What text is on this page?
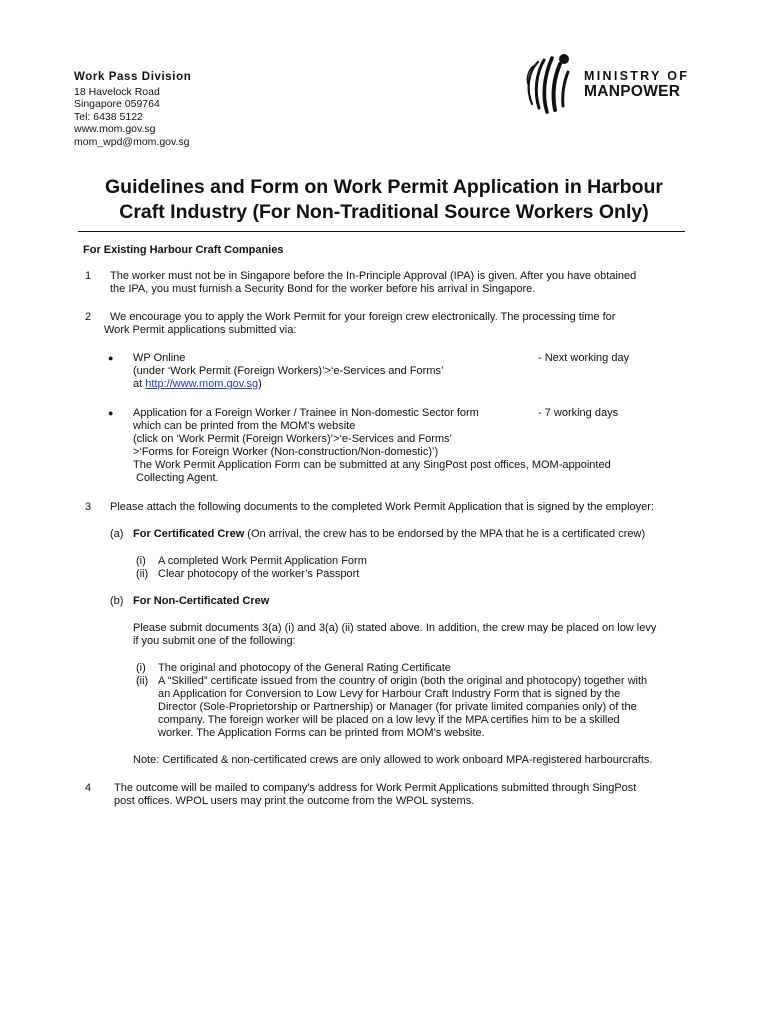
Work Pass Division
18 Havelock Road
Singapore 059764
Tel: 6438 5122
www.mom.gov.sg
mom_wpd@mom.gov.sg
MINISTRY OF
MANPOWER
Guidelines and Form on Work Permit Application in Harbour
Craft Industry (For Non-Traditional Source Workers Only)
For Existing Harbour Craft Companies
1	The worker must not be in Singapore before the In-Principle Approval (IPA) is given. After you have obtained
the IPA, you must furnish a Security Bond for the worker before his arrival in Singapore.
2	We encourage you to apply the Work Permit for your foreign crew electronically. The processing time for
Work Permit applications submitted via:
● WP Online	- Next working day
(under ‘Work Permit (Foreign Workers)’>‘e-Services and Forms’
at http://www.mom.gov.sg)
● Application for a Foreign Worker / Trainee in Non-domestic Sector form	- 7 working days
which can be printed from the MOM’s website
(click on ‘Work Permit (Foreign Workers)’>‘e-Services and Forms’
>‘Forms for Foreign Worker (Non-construction/Non-domestic)’)
The Work Permit Application Form can be submitted at any SingPost post offices, MOM-appointed
Collecting Agent.
3	Please attach the following documents to the completed Work Permit Application that is signed by the employer:
(a) For Certificated Crew (On arrival, the crew has to be endorsed by the MPA that he is a certificated crew)
(i) A completed Work Permit Application Form
(ii) Clear photocopy of the worker’s Passport
(b) For Non-Certificated Crew
Please submit documents 3(a) (i) and 3(a) (ii) stated above. In addition, the crew may be placed on low levy
if you submit one of the following:
(i) The original and photocopy of the General Rating Certificate
(ii) A “Skilled” certificate issued from the country of origin (both the original and photocopy) together with
an Application for Conversion to Low Levy for Harbour Craft Industry Form that is signed by the
Director (Sole-Proprietorship or Partnership) or Manager (for private limited companies only) of the
company. The foreign worker will be placed on a low levy if the MPA certifies him to be a skilled
worker. The Application Forms can be printed from MOM’s website.
Note: Certificated & non-certificated crews are only allowed to work onboard MPA-registered harbourcrafts.
4	The outcome will be mailed to company’s address for Work Permit Applications submitted through SingPost
post offices. WPOL users may print the outcome from the WPOL systems.
